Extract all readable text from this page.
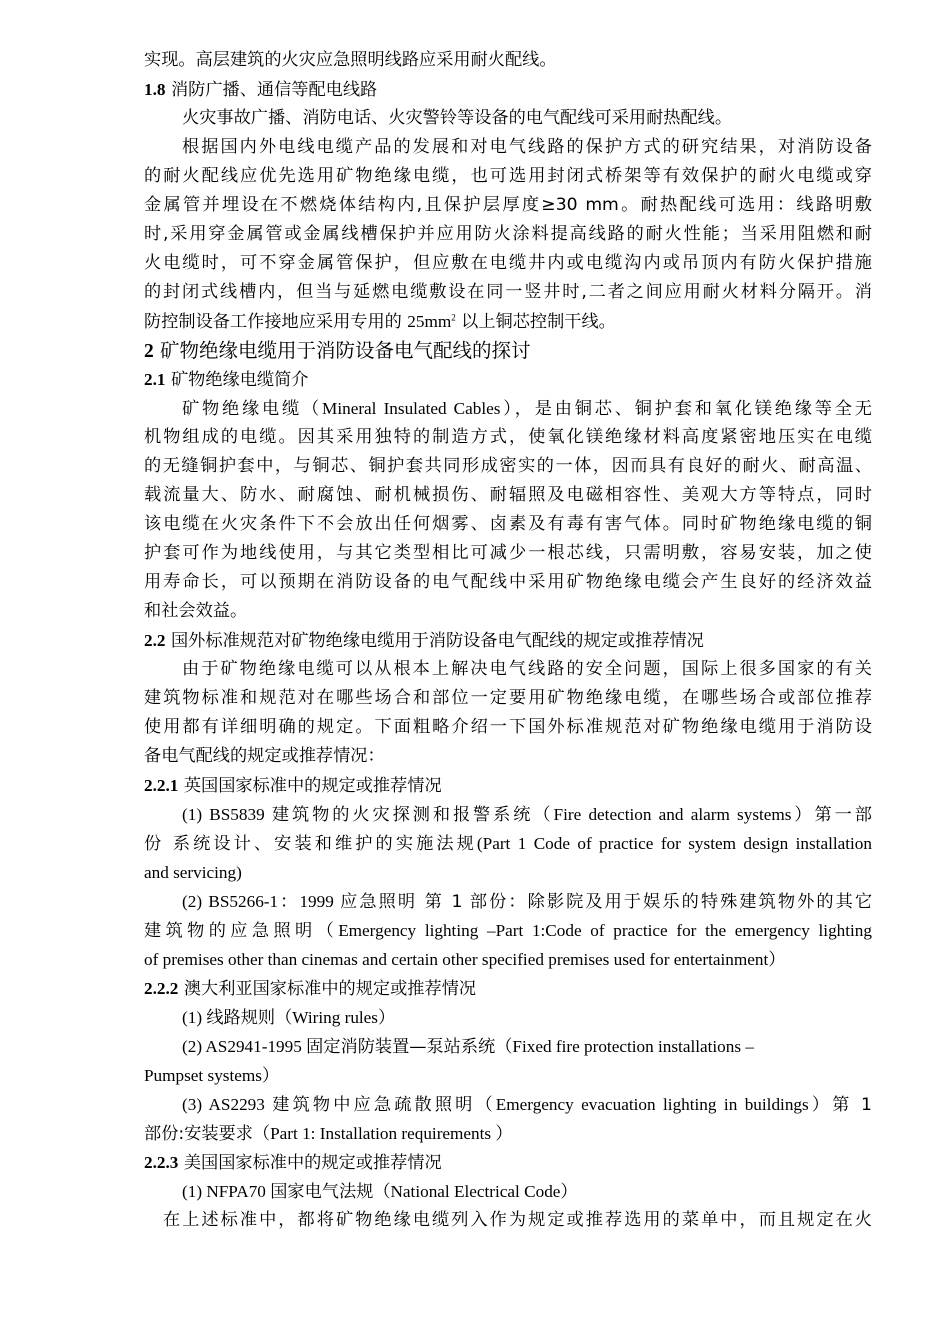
实现。高层建筑的火灾应急照明线路应采用耐火配线。
1.8 消防广播、通信等配电线路
火灾事故广播、消防电话、火灾警铃等设备的电气配线可采用耐热配线。
根据国内外电线电缆产品的发展和对电气线路的保护方式的研究结果，对消防设备
的耐火配线应优先选用矿物绝缘电缆，也可选用封闭式桥架等有效保护的耐火电缆或穿
金属管并埋设在不燃烧体结构内,且保护层厚度≥30 mm。耐热配线可选用：线路明敷
时,采用穿金属管或金属线槽保护并应用防火涂料提高线路的耐火性能；当采用阻燃和耐
火电缆时，可不穿金属管保护，但应敷在电缆井内或电缆沟内或吊顶内有防火保护措施
的封闭式线槽内，但当与延燃电缆敷设在同一竖井时,二者之间应用耐火材料分隔开。消
防控制设备工作接地应采用专用的 $25mm^2$ 以上铜芯控制干线。
2 矿物绝缘电缆用于消防设备电气配线的探讨
2.1 矿物绝缘电缆简介
矿物绝缘电缆（Mineral Insulated Cables），是由铜芯、铜护套和氧化镁绝缘等全无
机物组成的电缆。因其采用独特的制造方式，使氧化镁绝缘材料高度紧密地压实在电缆
的无缝铜护套中，与铜芯、铜护套共同形成密实的一体，因而具有良好的耐火、耐高温、
载流量大、防水、耐腐蚀、耐机械损伤、耐辐照及电磁相容性、美观大方等特点，同时
该电缆在火灾条件下不会放出任何烟雾、卤素及有毒有害气体。同时矿物绝缘电缆的铜
护套可作为地线使用，与其它类型相比可减少一根芯线，只需明敷，容易安装，加之使
用寿命长，可以预期在消防设备的电气配线中采用矿物绝缘电缆会产生良好的经济效益
和社会效益。
2.2 国外标准规范对矿物绝缘电缆用于消防设备电气配线的规定或推荐情况
由于矿物绝缘电缆可以从根本上解决电气线路的安全问题，国际上很多国家的有关
建筑物标准和规范对在哪些场合和部位一定要用矿物绝缘电缆，在哪些场合或部位推荐
使用都有详细明确的规定。下面粗略介绍一下国外标准规范对矿物绝缘电缆用于消防设
备电气配线的规定或推荐情况：
2.2.1 英国国家标准中的规定或推荐情况
(1) BS5839 建筑物的火灾探测和报警系统（Fire detection and alarm systems）第一部
份 系统设计、安装和维护的实施法规(Part 1 Code of practice for system design installation
and servicing)
(2) BS5266-1：1999 应急照明 第 1 部份：除影院及用于娱乐的特殊建筑物外的其它
建筑物的应急照明（Emergency lighting –Part 1:Code of practice for the emergency lighting
of premises other than cinemas and certain other specified premises used for entertainment）
2.2.2 澳大利亚国家标准中的规定或推荐情况
(1) 线路规则（Wiring rules）
(2) AS2941-1995 固定消防装置—泵站系统（Fixed fire protection installations –
Pumpset systems）
(3) AS2293 建筑物中应急疏散照明（Emergency evacuation lighting in buildings）第 1
部份:安装要求（Part 1: Installation requirements ）
2.2.3 美国国家标准中的规定或推荐情况
(1) NFPA70 国家电气法规（National Electrical Code）
在上述标准中，都将矿物绝缘电缆列入作为规定或推荐选用的菜单中，而且规定在火
